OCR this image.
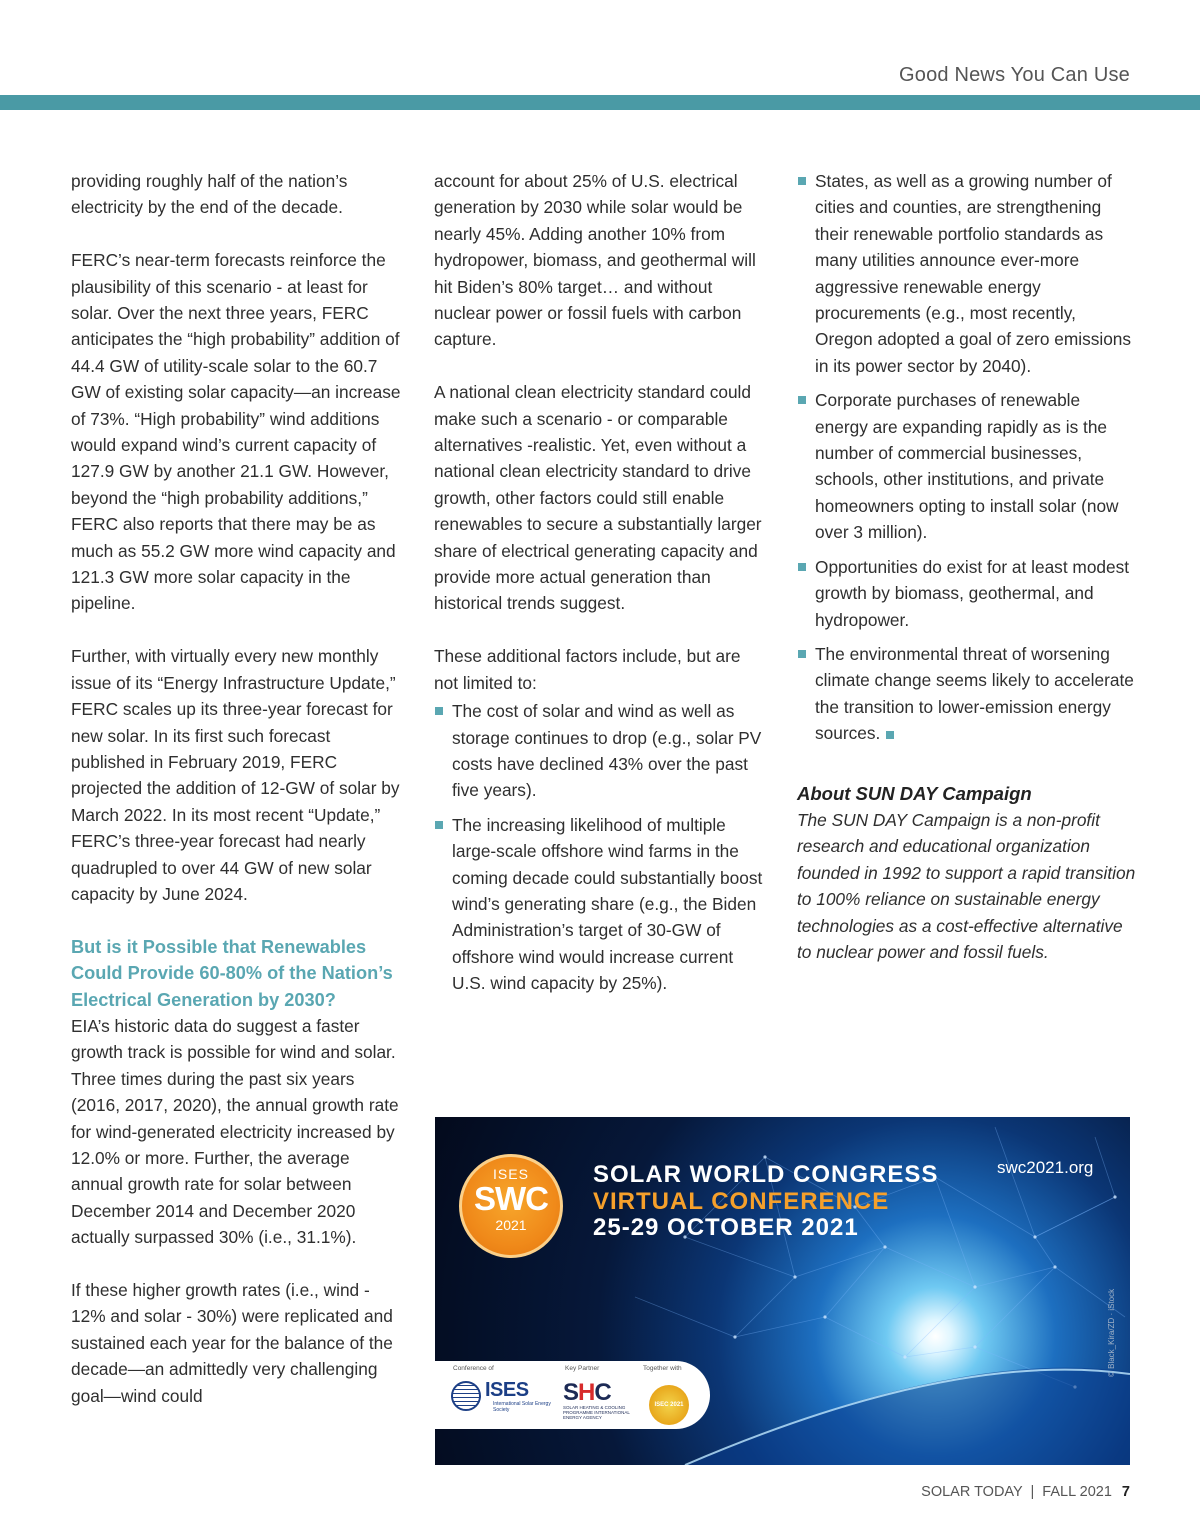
Good News You Can Use

providing roughly half of the nation’s electricity by the end of the decade.

FERC’s near-term forecasts reinforce the plausibility of this scenario - at least for solar. Over the next three years, FERC anticipates the “high probability” addition of 44.4 GW of utility-scale solar to the 60.7 GW of existing solar capacity—an increase of 73%. “High probability” wind additions would expand wind’s current capacity of 127.9 GW by another 21.1 GW. However, beyond the “high probability additions,” FERC also reports that there may be as much as 55.2 GW more wind capacity and 121.3 GW more solar capacity in the pipeline.

Further, with virtually every new monthly issue of its “Energy Infrastructure Update,” FERC scales up its three-year forecast for new solar. In its first such forecast published in February 2019, FERC projected the addition of 12-GW of solar by March 2022. In its most recent “Update,” FERC’s three-year forecast had nearly quadrupled to over 44 GW of new solar capacity by June 2024.

But is it Possible that Renewables Could Provide 60-80% of the Nation’s Electrical Generation by 2030?

EIA’s historic data do suggest a faster growth track is possible for wind and solar. Three times during the past six years (2016, 2017, 2020), the annual growth rate for wind-generated electricity increased by 12.0% or more. Further, the average annual growth rate for solar between December 2014 and December 2020 actually surpassed 30% (i.e., 31.1%).

If these higher growth rates (i.e., wind - 12% and solar - 30%) were replicated and sustained each year for the balance of the decade—an admittedly very challenging goal—wind could

account for about 25% of U.S. electrical generation by 2030 while solar would be nearly 45%. Adding another 10% from hydropower, biomass, and geothermal will hit Biden’s 80% target… and without nuclear power or fossil fuels with carbon capture.

A national clean electricity standard could make such a scenario - or comparable alternatives -realistic. Yet, even without a national clean electricity standard to drive growth, other factors could still enable renewables to secure a substantially larger share of electrical generating capacity and provide more actual generation than historical trends suggest.

These additional factors include, but are not limited to:

The cost of solar and wind as well as storage continues to drop (e.g., solar PV costs have declined 43% over the past five years).
The increasing likelihood of multiple large-scale offshore wind farms in the coming decade could substantially boost wind’s generating share (e.g., the Biden Administration’s target of 30-GW of offshore wind would increase current U.S. wind capacity by 25%).
States, as well as a growing number of cities and counties, are strengthening their renewable portfolio standards as many utilities announce ever-more aggressive renewable energy procurements (e.g., most recently, Oregon adopted a goal of zero emissions in its power sector by 2040).
Corporate purchases of renewable energy are expanding rapidly as is the number of commercial businesses, schools, other institutions, and private homeowners opting to install solar (now over 3 million).
Opportunities do exist for at least modest growth by biomass, geothermal, and hydropower.
The environmental threat of worsening climate change seems likely to accelerate the transition to lower-emission energy sources.
About SUN DAY Campaign

The SUN DAY Campaign is a non-profit research and educational organization founded in 1992 to support a rapid transition to 100% reliance on sustainable energy technologies as a cost-effective alternative to nuclear power and fossil fuels.

ISES
SWC
2021
SOLAR WORLD CONGRESS
VIRTUAL CONFERENCE
25-29 OCTOBER 2021
swc2021.org
© Black_Kira/ZD · iStock
Conference of	Key Partner	Together with
ISES
International Solar Energy Society
SHC
SOLAR HEATING & COOLING PROGRAMME INTERNATIONAL ENERGY AGENCY
ISEC 2021
SOLAR TODAY | FALL 2021 7
